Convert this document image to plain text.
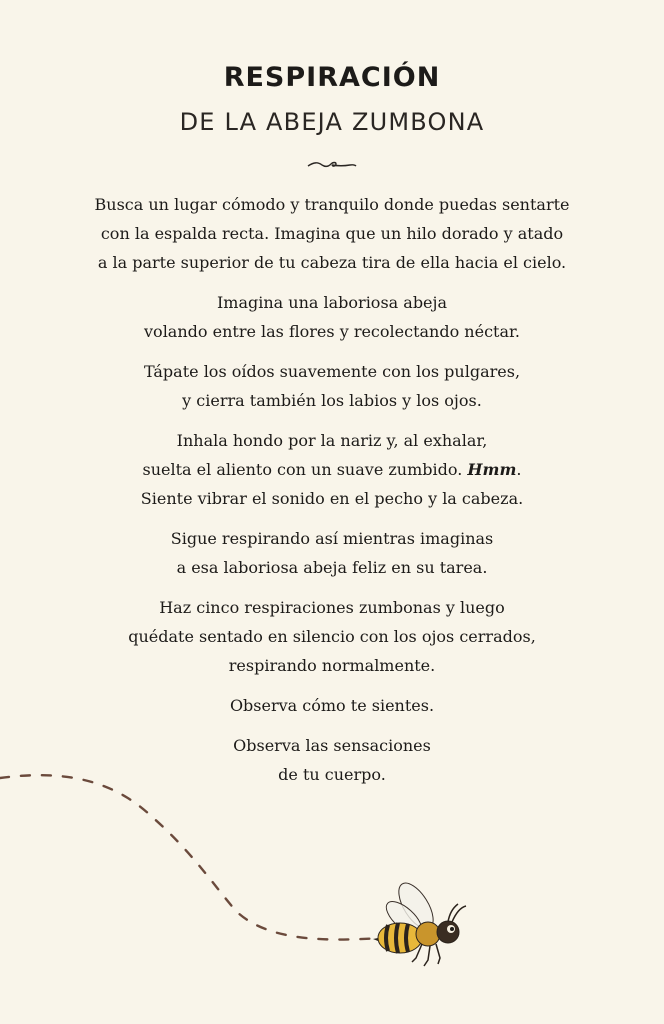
RESPIRACIÓN
DE LA ABEJA ZUMBONA

Busca un lugar cómodo y tranquilo donde puedas sentarte
con la espalda recta. Imagina que un hilo dorado y atado
a la parte superior de tu cabeza tira de ella hacia el cielo.

Imagina una laboriosa abeja
volando entre las flores y recolectando néctar.

Tápate los oídos suavemente con los pulgares,
y cierra también los labios y los ojos.

Inhala hondo por la nariz y, al exhalar,
suelta el aliento con un suave zumbido. Hmm.
Siente vibrar el sonido en el pecho y la cabeza.

Sigue respirando así mientras imaginas
a esa laboriosa abeja feliz en su tarea.

Haz cinco respiraciones zumbonas y luego
quédate sentado en silencio con los ojos cerrados,
respirando normalmente.

Observa cómo te sientes.

Observa las sensaciones
de tu cuerpo.
